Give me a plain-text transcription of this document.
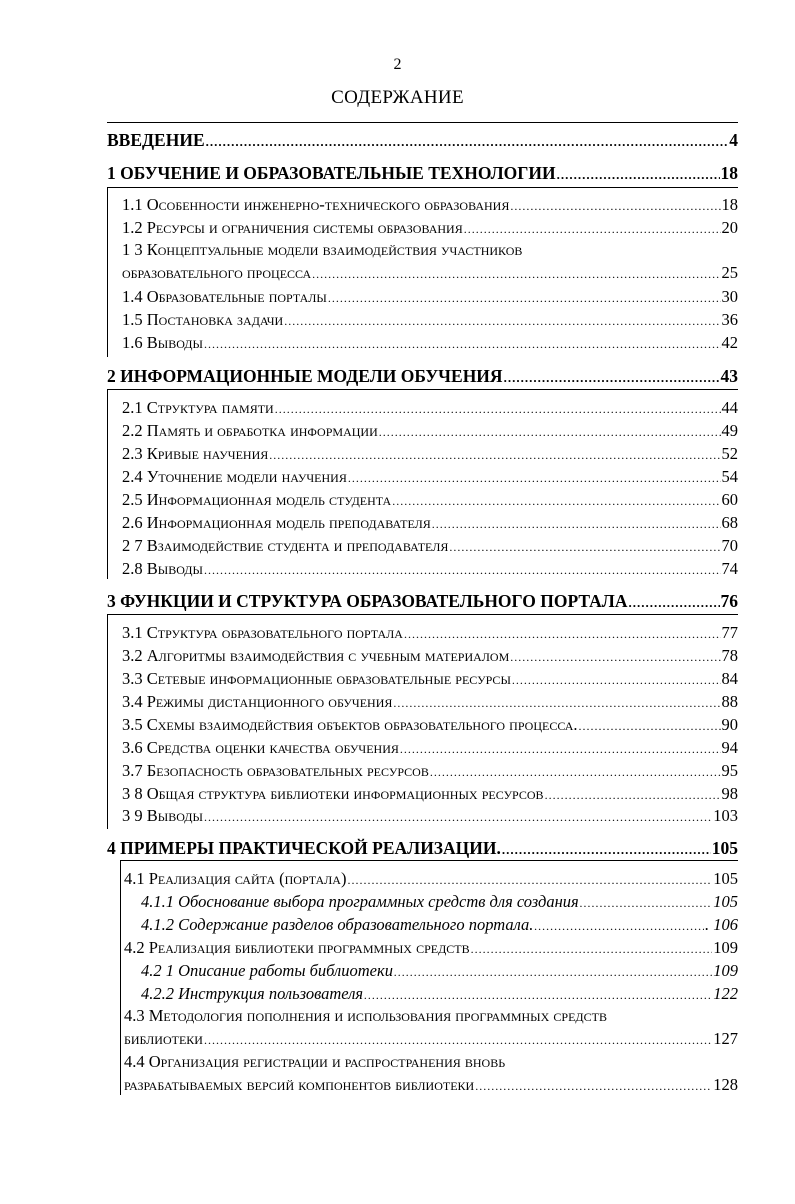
2
СОДЕРЖАНИЕ
ВВЕДЕНИЕ .....	4
1 ОБУЧЕНИЕ И ОБРАЗОВАТЕЛЬНЫЕ ТЕХНОЛОГИИ .....	18
1.1 Особенности инженерно-технического образования .....	18
1.2 Ресурсы и ограничения системы образования .....	20
1 3 Концептуальные модели взаимодействия участников
образовательного процесса .....	25
1.4 Образовательные порталы .....	30
1.5 Постановка задачи .....	36
1.6 Выводы .....	42
2 ИНФОРМАЦИОННЫЕ МОДЕЛИ ОБУЧЕНИЯ .....	43
2.1 Структура памяти .....	44
2.2 Память и обработка информации .....	49
2.3 Кривые научения .....	52
2.4 Уточнение модели научения .....	54
2.5 Информационная модель студента .....	60
2.6 Информационная модель преподавателя .....	68
2 7 Взаимодействие студента и преподавателя .....	70
2.8 Выводы .....	74
3 ФУНКЦИИ И СТРУКТУРА ОБРАЗОВАТЕЛЬНОГО ПОРТАЛА .....	76
3.1 Структура образовательного портала .....	77
3.2 Алгоритмы взаимодействия с учебным материалом .....	78
3.3 Сетевые информационные образовательные ресурсы .....	84
3.4 Режимы дистанционного обучения .....	88
3.5 Схемы взаимодействия объектов образовательного процесса. .....	90
3.6 Средства оценки качества обучения .....	94
3.7 Безопасность образовательных ресурсов .....	95
3 8 Общая структура библиотеки информационных ресурсов .....	98
3 9 Выводы .....	103
4 ПРИМЕРЫ ПРАКТИЧЕСКОЙ РЕАЛИЗАЦИИ. .....	105
4.1 Реализация сайта (портала) .....	105
4.1.1 Обоснование выбора программных средств для создания .....	105
4.1.2 Содержание разделов образовательного портала. .....	. 106
4.2 Реализация библиотеки программных средств .....	109
4.2 1 Описание работы библиотеки .....	109
4.2.2 Инструкция пользователя .....	122
4.3 Методология пополнения и использования программных средств
библиотеки .....	127
4.4 Организация регистрации и распространения вновь
разрабатываемых версий компонентов библиотеки .....	128
